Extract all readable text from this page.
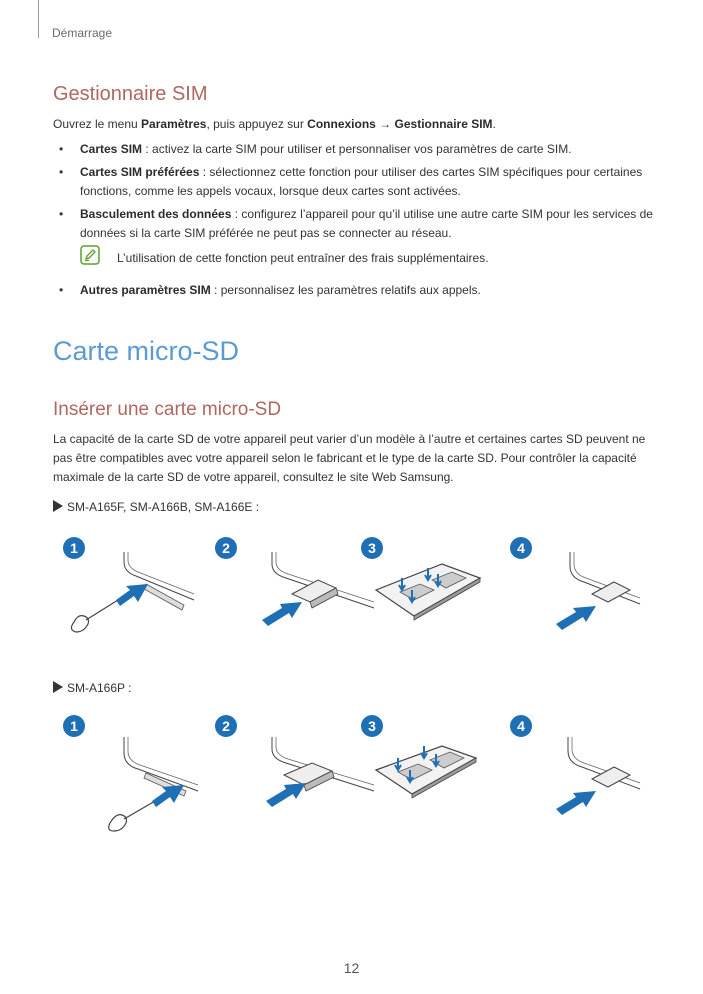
Démarrage
Gestionnaire SIM

Ouvrez le menu Paramètres, puis appuyez sur Connexions → Gestionnaire SIM.

• Cartes SIM : activez la carte SIM pour utiliser et personnaliser vos paramètres de carte SIM.
• Cartes SIM préférées : sélectionnez cette fonction pour utiliser des cartes SIM spécifiques pour certaines fonctions, comme les appels vocaux, lorsque deux cartes sont activées.
• Basculement des données : configurez l’appareil pour qu’il utilise une autre carte SIM pour les services de données si la carte SIM préférée ne peut pas se connecter au réseau.
L’utilisation de cette fonction peut entraîner des frais supplémentaires.
• Autres paramètres SIM : personnalisez les paramètres relatifs aux appels.
Carte micro-SD
Insérer une carte micro-SD

La capacité de la carte SD de votre appareil peut varier d’un modèle à l’autre et certaines cartes SD peuvent ne pas être compatibles avec votre appareil selon le fabricant et le type de la carte SD. Pour contrôler la capacité maximale de la carte SD de votre appareil, consultez le site Web Samsung.

SM-A165F, SM-A166B, SM-A166E :
1	2	3	4
SM-A166P :
1	2	3	4
12
